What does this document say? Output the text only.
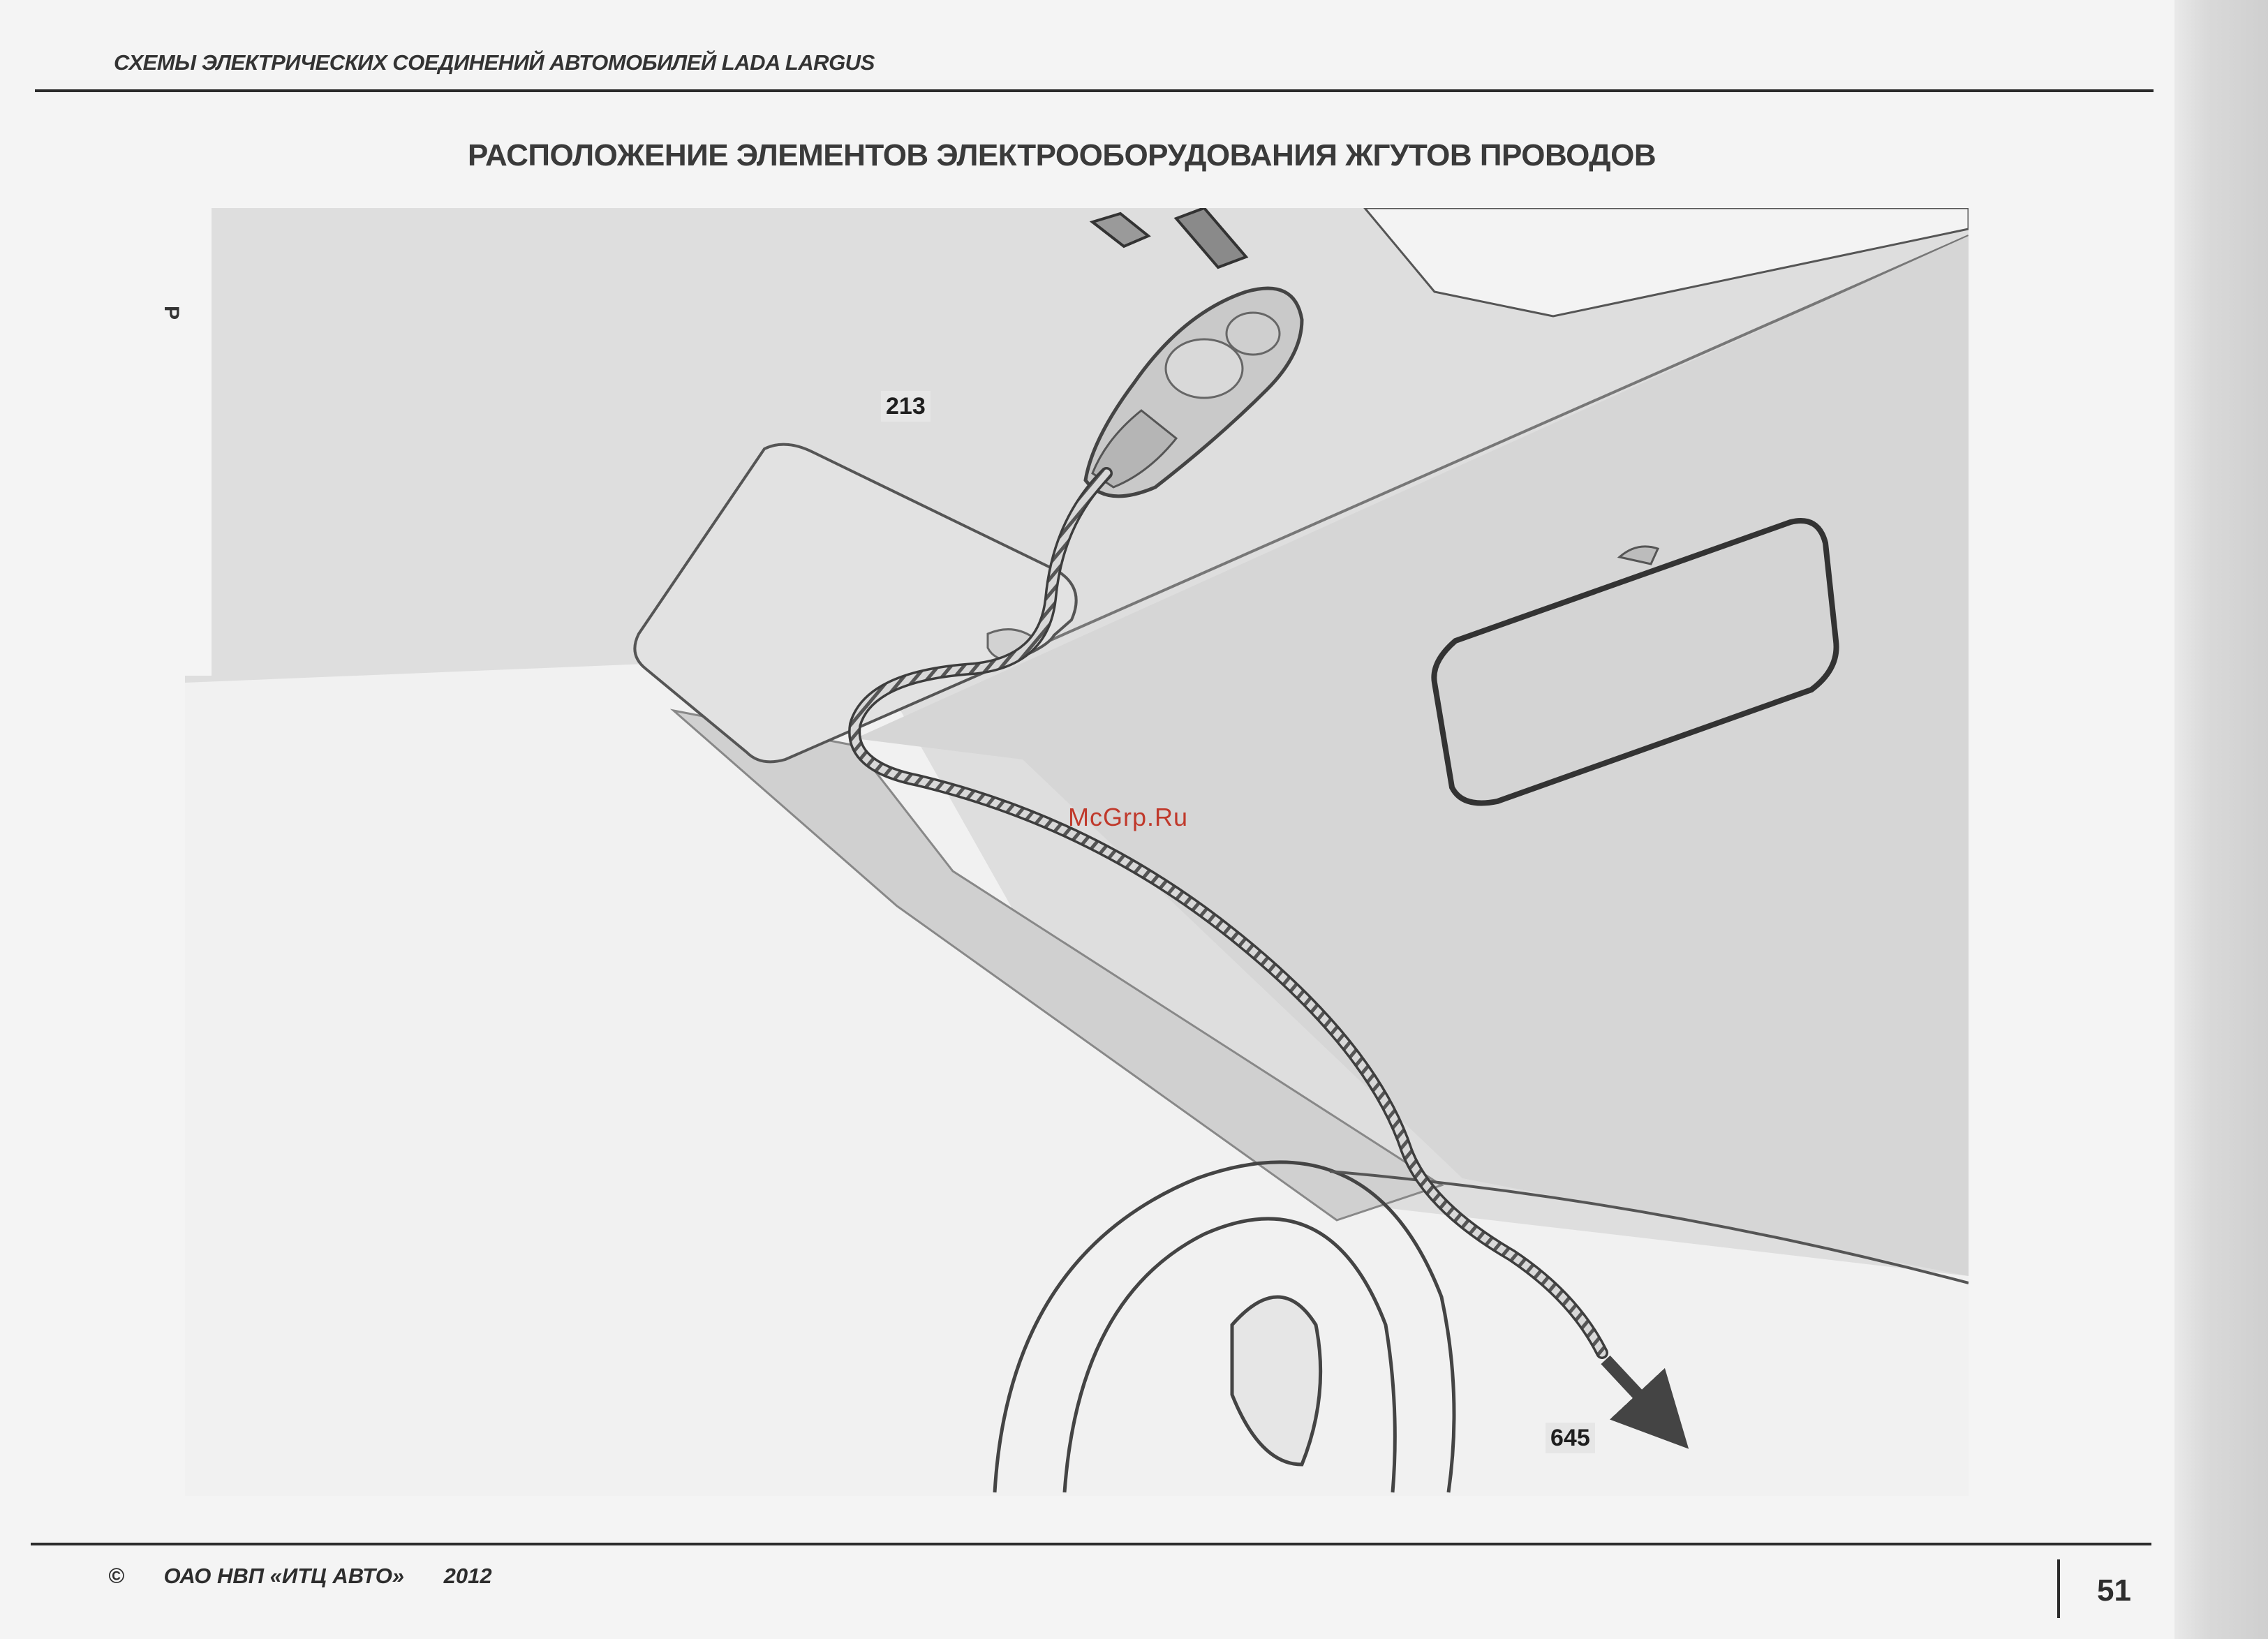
СХЕМЫ ЭЛЕКТРИЧЕСКИХ СОЕДИНЕНИЙ АВТОМОБИЛЕЙ LADA LARGUS
РАСПОЛОЖЕНИЕ ЭЛЕМЕНТОВ ЭЛЕКТРООБОРУДОВАНИЯ ЖГУТОВ ПРОВОДОВ
213
645
McGrp.Ru
P
© ОАО НВП «ИТЦ АВТО» 2012	51
